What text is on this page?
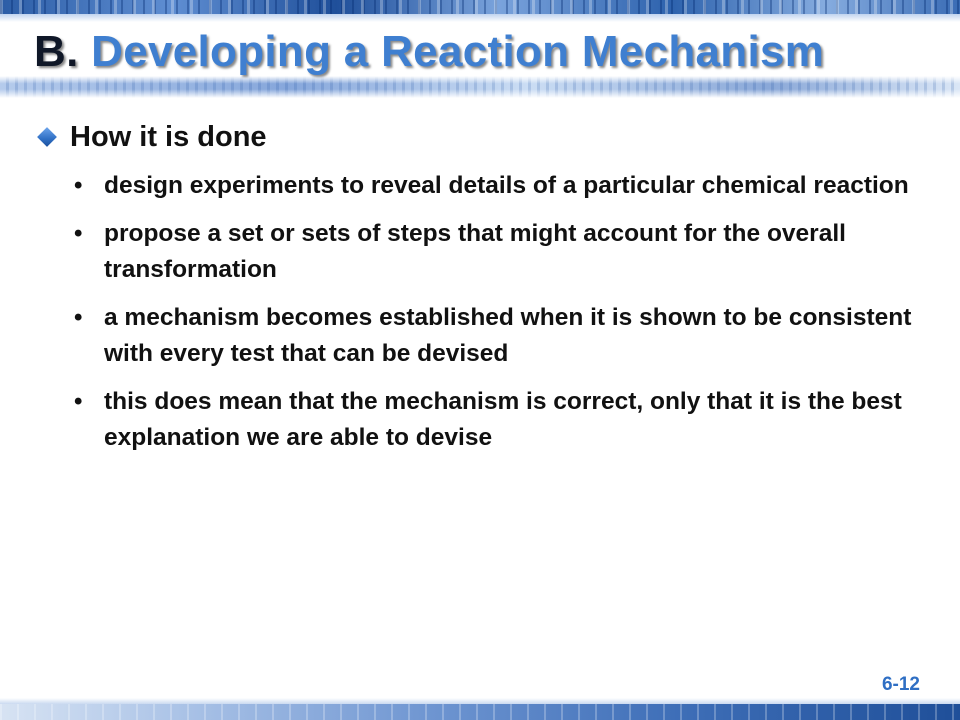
B. Developing a Reaction Mechanism
How it is done
• design experiments to reveal details of a particular chemical reaction
• propose a set or sets of steps that might account for the overall transformation
• a mechanism becomes established when it is shown to be consistent with every test that can be devised
• this does mean that the mechanism is correct, only that it is the best explanation we are able to devise
6-12
